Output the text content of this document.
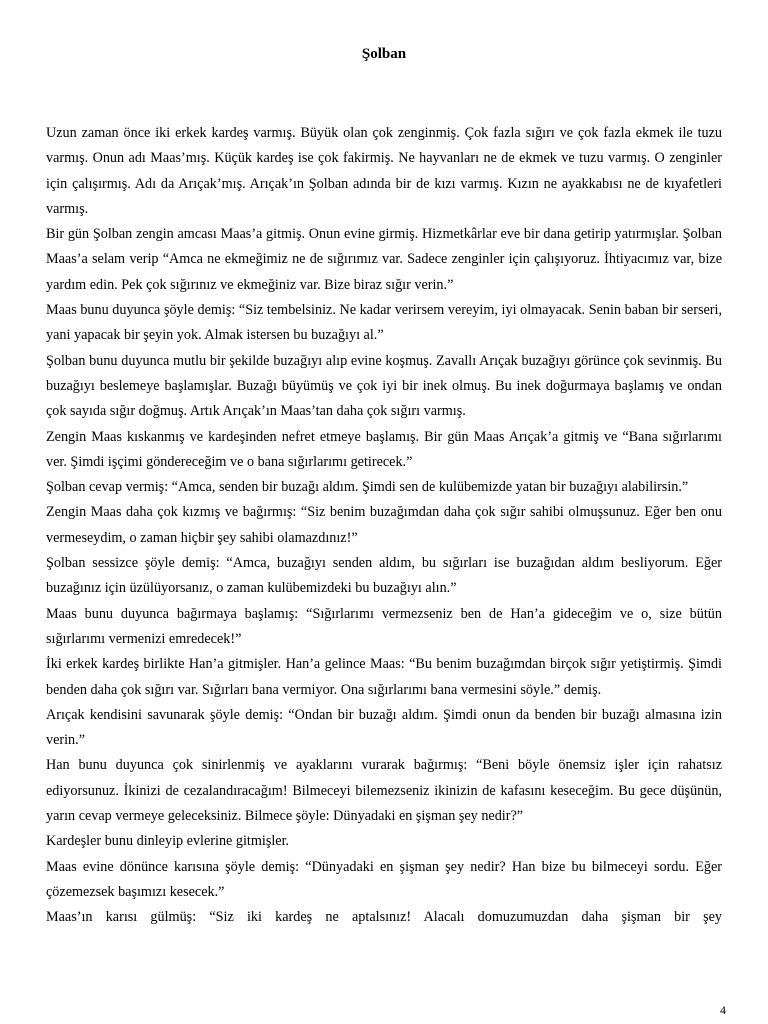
Şolban

Uzun zaman önce iki erkek kardeş varmış. Büyük olan çok zenginmiş. Çok fazla sığırı ve çok fazla ekmek ile tuzu varmış. Onun adı Maas’mış. Küçük kardeş ise çok fakirmiş. Ne hayvanları ne de ekmek ve tuzu varmış. O zenginler için çalışırmış. Adı da Arıçak’mış. Arıçak’ın Şolban adında bir de kızı varmış. Kızın ne ayakkabısı ne de kıyafetleri varmış.

Bir gün Şolban zengin amcası Maas’a gitmiş. Onun evine girmiş. Hizmetkârlar eve bir dana getirip yatırmışlar. Şolban Maas’a selam verip “Amca ne ekmeğimiz ne de sığırımız var. Sadece zenginler için çalışıyoruz. İhtiyacımız var, bize yardım edin. Pek çok sığırınız ve ekmeğiniz var. Bize biraz sığır verin.”

Maas bunu duyunca şöyle demiş: “Siz tembelsiniz. Ne kadar verirsem vereyim, iyi olmayacak. Senin baban bir serseri, yani yapacak bir şeyin yok. Almak istersen bu buzağıyı al.”

Şolban bunu duyunca mutlu bir şekilde buzağıyı alıp evine koşmuş. Zavallı Arıçak buzağıyı görünce çok sevinmiş. Bu buzağıyı beslemeye başlamışlar. Buzağı büyümüş ve çok iyi bir inek olmuş. Bu inek doğurmaya başlamış ve ondan çok sayıda sığır doğmuş. Artık Arıçak’ın Maas’tan daha çok sığırı varmış.

Zengin Maas kıskanmış ve kardeşinden nefret etmeye başlamış. Bir gün Maas Arıçak’a gitmiş ve “Bana sığırlarımı ver. Şimdi işçimi göndereceğim ve o bana sığırlarımı getirecek.”

Şolban cevap vermiş: “Amca, senden bir buzağı aldım. Şimdi sen de kulübemizde yatan bir buzağıyı alabilirsin.”

Zengin Maas daha çok kızmış ve bağırmış: “Siz benim buzağımdan daha çok sığır sahibi olmuşsunuz. Eğer ben onu vermeseydim, o zaman hiçbir şey sahibi olamazdınız!”

Şolban sessizce şöyle demiş: “Amca, buzağıyı senden aldım, bu sığırları ise buzağıdan aldım besliyorum. Eğer buzağınız için üzülüyorsanız, o zaman kulübemizdeki bu buzağıyı alın.”

Maas bunu duyunca bağırmaya başlamış: “Sığırlarımı vermezseniz ben de Han’a gideceğim ve o, size bütün sığırlarımı vermenizi emredecek!”

İki erkek kardeş birlikte Han’a gitmişler. Han’a gelince Maas: “Bu benim buzağımdan birçok sığır yetiştirmiş. Şimdi benden daha çok sığırı var. Sığırları bana vermiyor. Ona sığırlarımı bana vermesini söyle.” demiş.

Arıçak kendisini savunarak şöyle demiş: “Ondan bir buzağı aldım. Şimdi onun da benden bir buzağı almasına izin verin.”

Han bunu duyunca çok sinirlenmiş ve ayaklarını vurarak bağırmış: “Beni böyle önemsiz işler için rahatsız ediyorsunuz. İkinizi de cezalandıracağım! Bilmeceyi bilemezseniz ikinizin de kafasını keseceğim. Bu gece düşünün, yarın cevap vermeye geleceksiniz. Bilmece şöyle: Dünyadaki en şişman şey nedir?”

Kardeşler bunu dinleyip evlerine gitmişler.

Maas evine dönünce karısına şöyle demiş: “Dünyadaki en şişman şey nedir? Han bize bu bilmeceyi sordu. Eğer çözemezsek başımızı kesecek.”

Maas’ın karısı gülmüş: “Siz iki kardeş ne aptalsınız! Alacalı domuzumuzdan daha şişman bir şey

4
